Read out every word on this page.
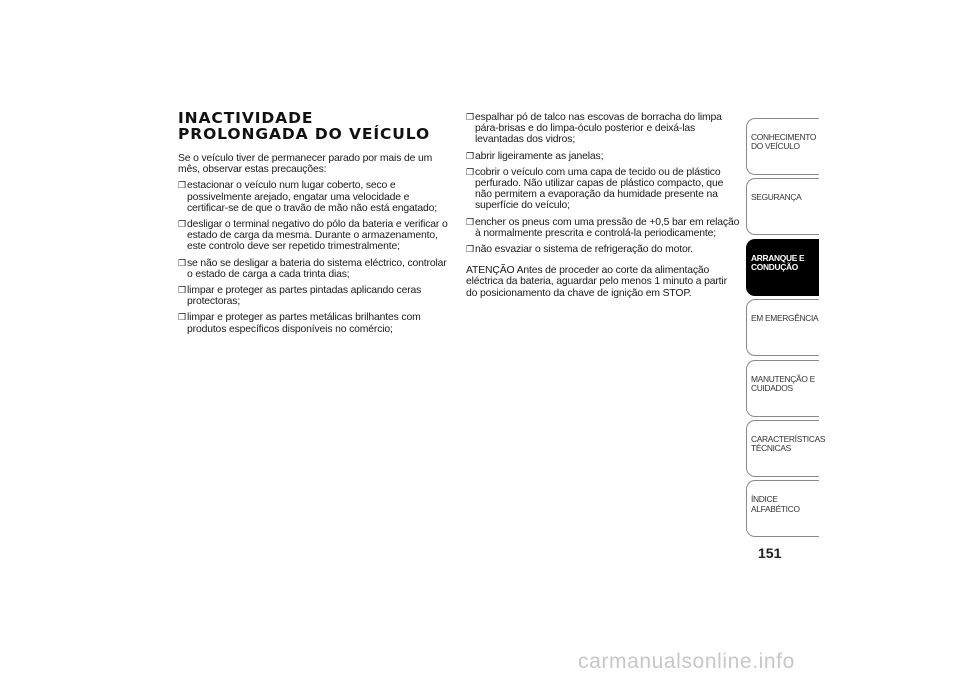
INACTIVIDADE PROLONGADA DO VEÍCULO

Se o veículo tiver de permanecer parado por mais de um mês, observar estas precauções:

❒ estacionar o veículo num lugar coberto, seco e possivelmente arejado, engatar uma velocidade e certificar-se de que o travão de mão não está engatado;
❒ desligar o terminal negativo do pólo da bateria e verificar o estado de carga da mesma. Durante o armazenamento, este controlo deve ser repetido trimestralmente;
❒ se não se desligar a bateria do sistema eléctrico, controlar o estado de carga a cada trinta dias;
❒ limpar e proteger as partes pintadas aplicando ceras protectoras;
❒ limpar e proteger as partes metálicas brilhantes com produtos específicos disponíveis no comércio;
❒ espalhar pó de talco nas escovas de borracha do limpa pára-brisas e do limpa-óculo posterior e deixá-las levantadas dos vidros;
❒ abrir ligeiramente as janelas;
❒ cobrir o veículo com uma capa de tecido ou de plástico perfurado. Não utilizar capas de plástico compacto, que não permitem a evaporação da humidade presente na superfície do veículo;
❒ encher os pneus com uma pressão de +0,5 bar em relação à normalmente prescrita e controlá-la periodicamente;
❒ não esvaziar o sistema de refrigeração do motor.

ATENÇÃO Antes de proceder ao corte da alimentação eléctrica da bateria, aguardar pelo menos 1 minuto a partir do posicionamento da chave de ignição em STOP.

CONHECIMENTO DO VEÍCULO
SEGURANÇA
ARRANQUE E CONDUÇÃO
EM EMERGÊNCIA
MANUTENÇÃO E CUIDADOS
CARACTERÍSTICAS TÉCNICAS
ÍNDICE ALFABÉTICO
151
carmanualsonline.info
